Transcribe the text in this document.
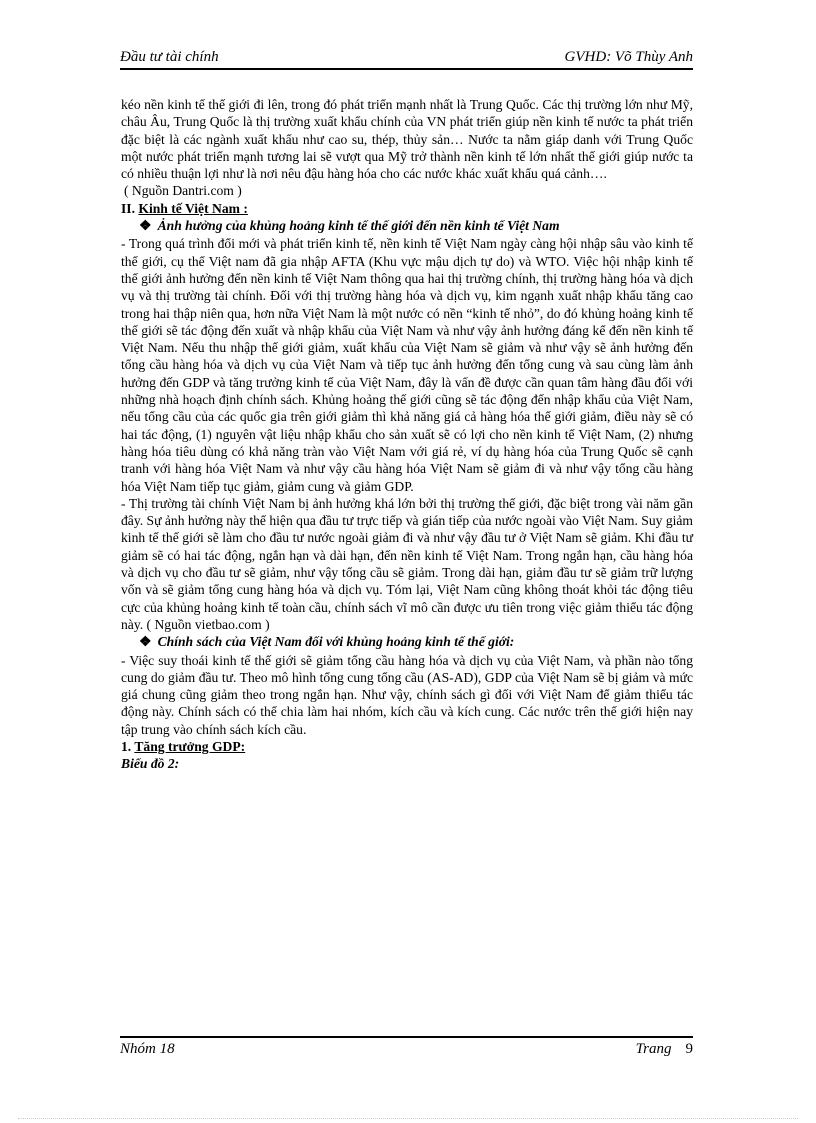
Đầu tư tài chính	GVHD: Võ Thùy Anh

kéo nền kinh tế thế giới đi lên, trong đó phát triển mạnh nhất là Trung Quốc. Các thị trường lớn như Mỹ, châu Âu, Trung Quốc là thị trường xuất khẩu chính của VN phát triển giúp nền kinh tế nước ta phát triển đặc biệt là các ngành xuất khẩu như cao su, thép, thủy sản… Nước ta nằm giáp danh với Trung Quốc một nước phát triển mạnh tương lai sẽ vượt qua Mỹ trở thành nền kinh tế lớn nhất thế giới giúp nước ta có nhiều thuận lợi như là nơi nêu đậu hàng hóa cho các nước khác xuất khẩu quá cảnh….

( Nguồn Dantri.com )

II. Kinh tế Việt Nam :

❖ Ảnh hưởng của khủng hoảng kinh tế thế giới đến nền kinh tế Việt Nam

- Trong quá trình đổi mới và phát triển kinh tế, nền kinh tế Việt Nam ngày càng hội nhập sâu vào kinh tế thế giới, cụ thể Việt nam đã gia nhập AFTA (Khu vực mậu dịch tự do) và WTO. Việc hội nhập kinh tế thế giới ảnh hưởng đến nền kinh tế Việt Nam thông qua hai thị trường chính, thị trường hàng hóa và dịch vụ và thị trường tài chính. Đối với thị trường hàng hóa và dịch vụ, kim ngạnh xuất nhập khẩu tăng cao trong hai thập niên qua, hơn nữa Việt Nam là một nước có nền “kinh tế nhỏ”, do đó khủng hoảng kinh tế thế giới sẽ tác động đến xuất và nhập khẩu của Việt Nam và như vậy ảnh hưởng đáng kể đến nền kinh tế Việt Nam. Nếu thu nhập thế giới giảm, xuất khẩu của Việt Nam sẽ giảm và như vậy sẽ ảnh hưởng đến tổng cầu hàng hóa và dịch vụ của Việt Nam và tiếp tục ảnh hưởng đến tổng cung và sau cùng làm ảnh hưởng đến GDP và tăng trưởng kinh tế của Việt Nam, đây là vấn đề được cần quan tâm hàng đầu đối với những nhà hoạch định chính sách. Khủng hoảng thế giới cũng sẽ tác động đến nhập khẩu của Việt Nam, nếu tổng cầu của các quốc gia trên giới giảm thì khả năng giá cả hàng hóa thế giới giảm, điều này sẽ có hai tác động, (1) nguyên vật liệu nhập khẩu cho sản xuất sẽ có lợi cho nền kinh tế Việt Nam, (2) nhưng hàng hóa tiêu dùng có khả năng tràn vào Việt Nam với giá rẻ, ví dụ hàng hóa của Trung Quốc sẽ cạnh tranh với hàng hóa Việt Nam và như vậy cầu hàng hóa Việt Nam sẽ giảm đi và như vậy tổng cầu hàng hóa Việt Nam tiếp tục giảm, giảm cung và giảm GDP.

- Thị trường tài chính Việt Nam bị ảnh hưởng khá lớn bởi thị trường thế giới, đặc biệt trong vài năm gần đây. Sự ảnh hưởng này thể hiện qua đầu tư trực tiếp và gián tiếp của nước ngoài vào Việt Nam. Suy giảm kinh tế thế giới sẽ làm cho đầu tư nước ngoài giảm đi và như vậy đầu tư ở Việt Nam sẽ giảm. Khi đầu tư giảm sẽ có hai tác động, ngắn hạn và dài hạn, đến nền kinh tế Việt Nam. Trong ngắn hạn, cầu hàng hóa và dịch vụ cho đầu tư sẽ giảm, như vậy tổng cầu sẽ giảm. Trong dài hạn, giảm đầu tư sẽ giảm trữ lượng vốn và sẽ giảm tổng cung hàng hóa và dịch vụ. Tóm lại, Việt Nam cũng không thoát khỏi tác động tiêu cực của khủng hoảng kinh tế toàn cầu, chính sách vĩ mô cần được ưu tiên trong việc giảm thiểu tác động này. ( Nguồn vietbao.com )

❖ Chính sách của Việt Nam đối với khủng hoảng kinh tế thế giới:

- Việc suy thoái kinh tế thế giới sẽ giảm tổng cầu hàng hóa và dịch vụ của Việt Nam, và phần nào tổng cung do giảm đầu tư. Theo mô hình tổng cung tổng cầu (AS-AD), GDP của Việt Nam sẽ bị giảm và mức giá chung cũng giảm theo trong ngắn hạn. Như vậy, chính sách gì đối với Việt Nam để giảm thiểu tác động này. Chính sách có thể chia làm hai nhóm, kích cầu và kích cung. Các nước trên thế giới hiện nay tập trung vào chính sách kích cầu.

1. Tăng trưởng GDP:

Biểu đồ 2:

Nhóm 18	Trang 9
